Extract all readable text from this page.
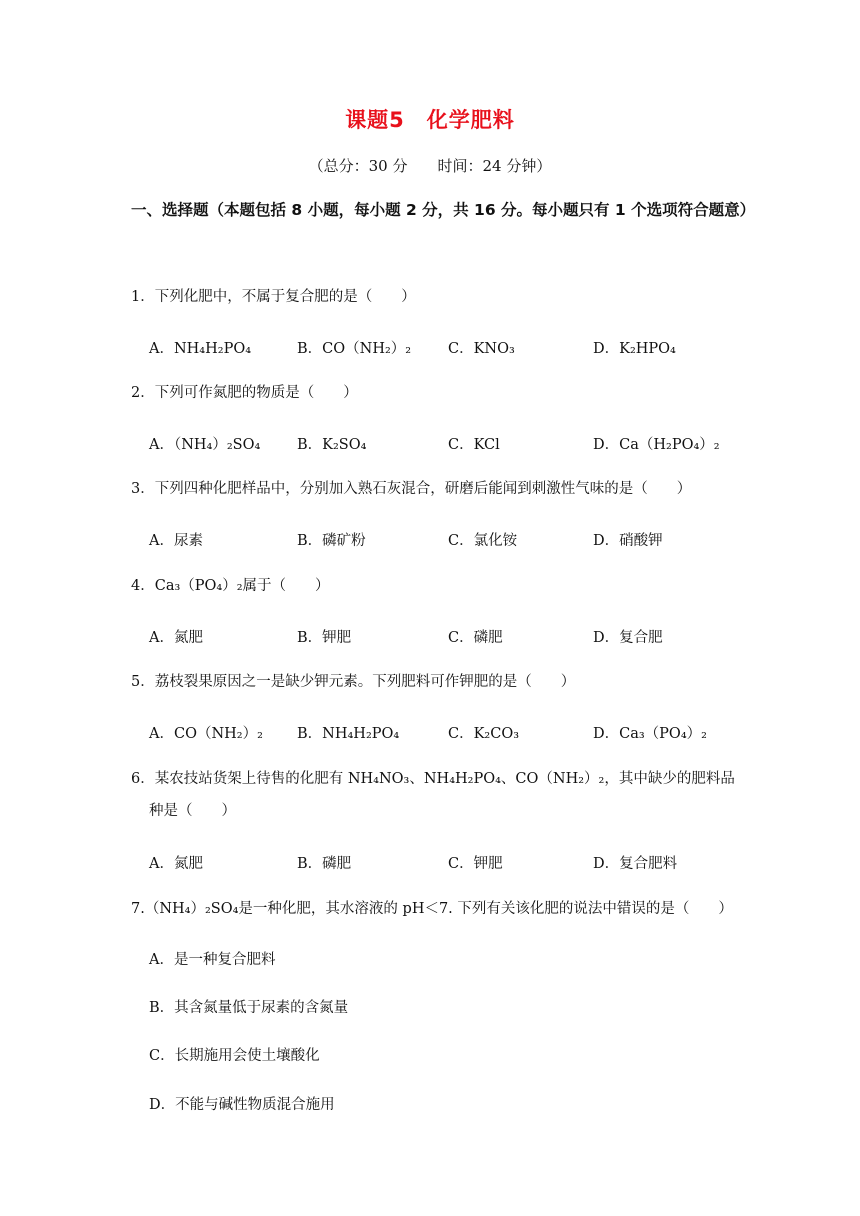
课题5　化学肥料
（总分：30 分　　时间：24 分钟）
一、选择题（本题包括 8 小题，每小题 2 分，共 16 分。每小题只有 1 个选项符合题意）
1．下列化肥中，不属于复合肥的是（　　）
A．NH₄H₂PO₄	B．CO（NH₂）₂	C．KNO₃	D．K₂HPO₄
2．下列可作氮肥的物质是（　　）
A．（NH₄）₂SO₄	B．K₂SO₄	C．KCl	D．Ca（H₂PO₄）₂
3．下列四种化肥样品中，分别加入熟石灰混合，研磨后能闻到刺激性气味的是（　　）
A．尿素	B．磷矿粉	C．氯化铵	D．硝酸钾
4．Ca₃（PO₄）₂属于（　　）
A．氮肥	B．钾肥	C．磷肥	D．复合肥
5．荔枝裂果原因之一是缺少钾元素。下列肥料可作钾肥的是（　　）
A．CO（NH₂）₂ B．NH₄H₂PO₄	C．K₂CO₃	D．Ca₃（PO₄）₂
6．某农技站货架上待售的化肥有 NH₄NO₃、NH₄H₂PO₄、CO（NH₂）₂，其中缺少的肥料品种是（　　）
A．氮肥	B．磷肥	C．钾肥	D．复合肥料
7.（NH₄）₂SO₄是一种化肥，其水溶液的 pH＜7. 下列有关该化肥的说法中错误的是（　　）
A．是一种复合肥料
B．其含氮量低于尿素的含氮量
C．长期施用会使土壤酸化
D．不能与碱性物质混合施用
